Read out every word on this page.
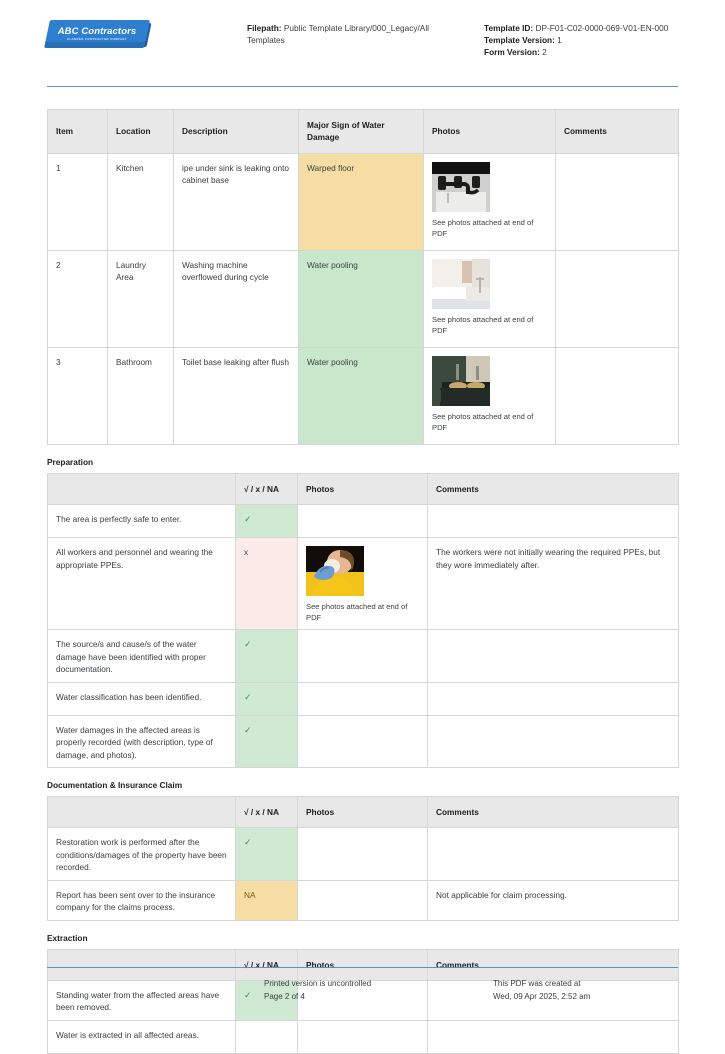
ABC Contractors
CLAMPED CONTRACTOR COMPANY
Filepath: Public Template Library/000_Legacy/All Templates
Template ID: DP-F01-C02-0000-069-V01-EN-000
Template Version: 1
Form Version: 2
Item	Location	Description	Major Sign of Water Damage	Photos	Comments
1	Kitchen	ipe under sink is leaking onto cabinet base	Warped floor	See photos attached at end of PDF	

2	Laundry Area	Washing machine overflowed during cycle	Water pooling	See photos attached at end of PDF	

3	Bathroom	Toilet base leaking after flush	Water pooling	See photos attached at end of PDF	

Preparation
	√ / x / NA	Photos	Comments
The area is perfectly safe to enter.	✓		
All workers and personnel and wearing the appropriate PPEs.	x	See photos attached at end of PDF	The workers were not initially wearing the required PPEs, but they wore immediately after.
The source/s and cause/s of the water damage have been identified with proper documentation.	✓		
Water classification has been identified.	✓		
Water damages in the affected areas is properly recorded (with description, type of damage, and photos).	✓		
Documentation & Insurance Claim
	√ / x / NA	Photos	Comments
Restoration work is performed after the conditions/damages of the property have been recorded.	✓		
Report has been sent over to the insurance company for the claims process.	NA		Not applicable for claim processing.
Extraction
	√ / x / NA	Photos	Comments
Standing water from the affected areas have been removed.	✓		
Water is extracted in all affected areas.			
Printed version is uncontrolled
Page 2 of 4
This PDF was created at
Wed, 09 Apr 2025, 2:52 am
